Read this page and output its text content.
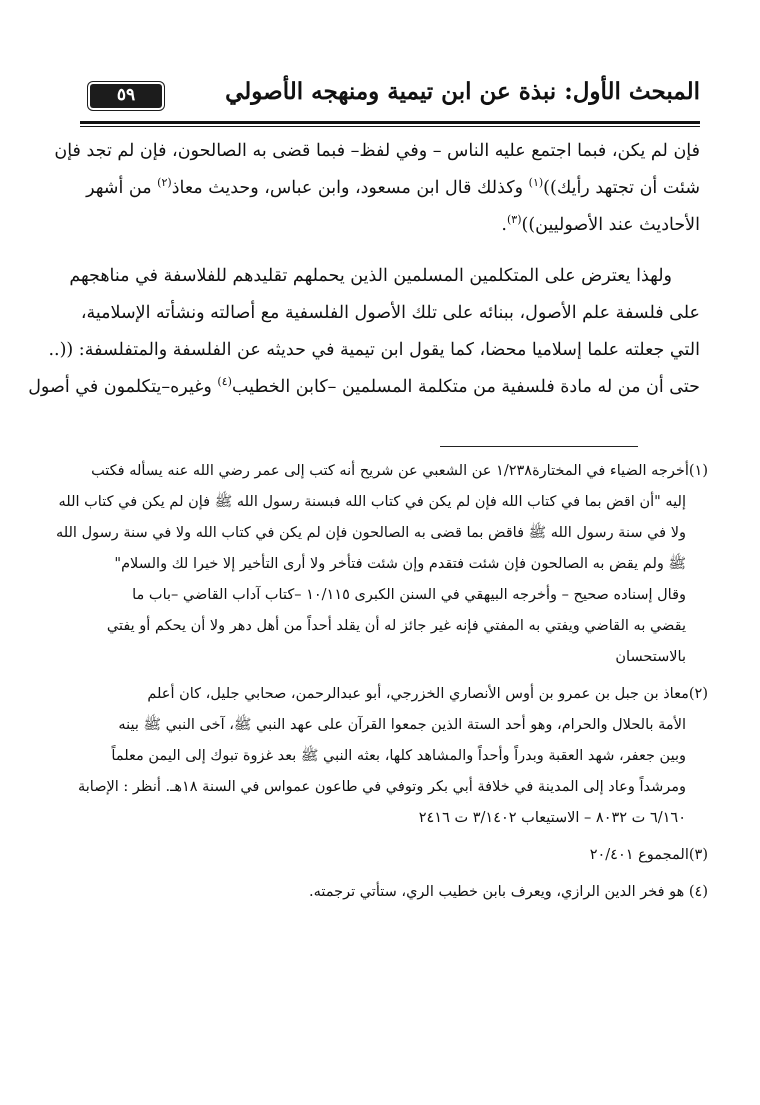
المبحث الأول: نبذة عن ابن تيمية ومنهجه الأصولي
٥٩
فإن لم يكن، فبما اجتمع عليه الناس – وفي لفظ– فبما قضى به الصالحون، فإن لم تجد فإن
شئت أن تجتهد رأيك))$^{(١)}$ وكذلك قال ابن مسعود، وابن عباس، وحديث معاذ$^{(٢)}$ من أشهر
الأحاديث عند الأصوليين))$^{(٣)}$.
ولهذا يعترض على المتكلمين المسلمين الذين يحملهم تقليدهم للفلاسفة في مناهجهم
على فلسفة علم الأصول، ببنائه على تلك الأصول الفلسفية مع أصالته ونشأته الإسلامية،
التي جعلته علما إسلاميا محضا، كما يقول ابن تيمية في حديثه عن الفلسفة والمتفلسفة: ((..
حتى أن من له مادة فلسفية من متكلمة المسلمين –كابن الخطيب$^{(٤)}$ وغيره–يتكلمون في أصول
(١)أخرجه الضياء في المختارة١/٢٣٨ عن الشعبي عن شريح أنه كتب إلى عمر رضي الله عنه يسأله فكتب
إليه "أن اقض بما في كتاب الله فإن لم يكن في كتاب الله فبسنة رسول الله ﷺ فإن لم يكن في كتاب الله
ولا في سنة رسول الله ﷺ فاقض بما قضى به الصالحون فإن لم يكن في كتاب الله ولا في سنة رسول الله
ﷺ ولم يقض به الصالحون فإن شئت فتقدم وإن شئت فتأخر ولا أرى التأخير إلا خيرا لك والسلام"
وقال إسناده صحيح – وأخرجه البيهقي في السنن الكبرى ١٠/١١٥ –كتاب آداب القاضي –باب ما
يقضي به القاضي ويفتي به المفتي فإنه غير جائز له أن يقلد أحداً من أهل دهر ولا أن يحكم أو يفتي
بالاستحسان
(٢)معاذ بن جبل بن عمرو بن أوس الأنصاري الخزرجي، أبو عبدالرحمن، صحابي جليل، كان أعلم
الأمة بالحلال والحرام، وهو أحد الستة الذين جمعوا القرآن على عهد النبي ﷺ، آخى النبي ﷺ بينه
وبين جعفر، شهد العقبة وبدراً وأحداً والمشاهد كلها، بعثه النبي ﷺ بعد غزوة تبوك إلى اليمن معلماً
ومرشداً وعاد إلى المدينة في خلافة أبي بكر وتوفي في طاعون عمواس في السنة ١٨هـ. أنظر : الإصابة
٦/١٦٠ ت ٨٠٣٢ – الاستيعاب ٣/١٤٠٢ ت ٢٤١٦
(٣)المجموع ٢٠/٤٠١
(٤) هو فخر الدين الرازي، ويعرف بابن خطيب الري، ستأتي ترجمته.
